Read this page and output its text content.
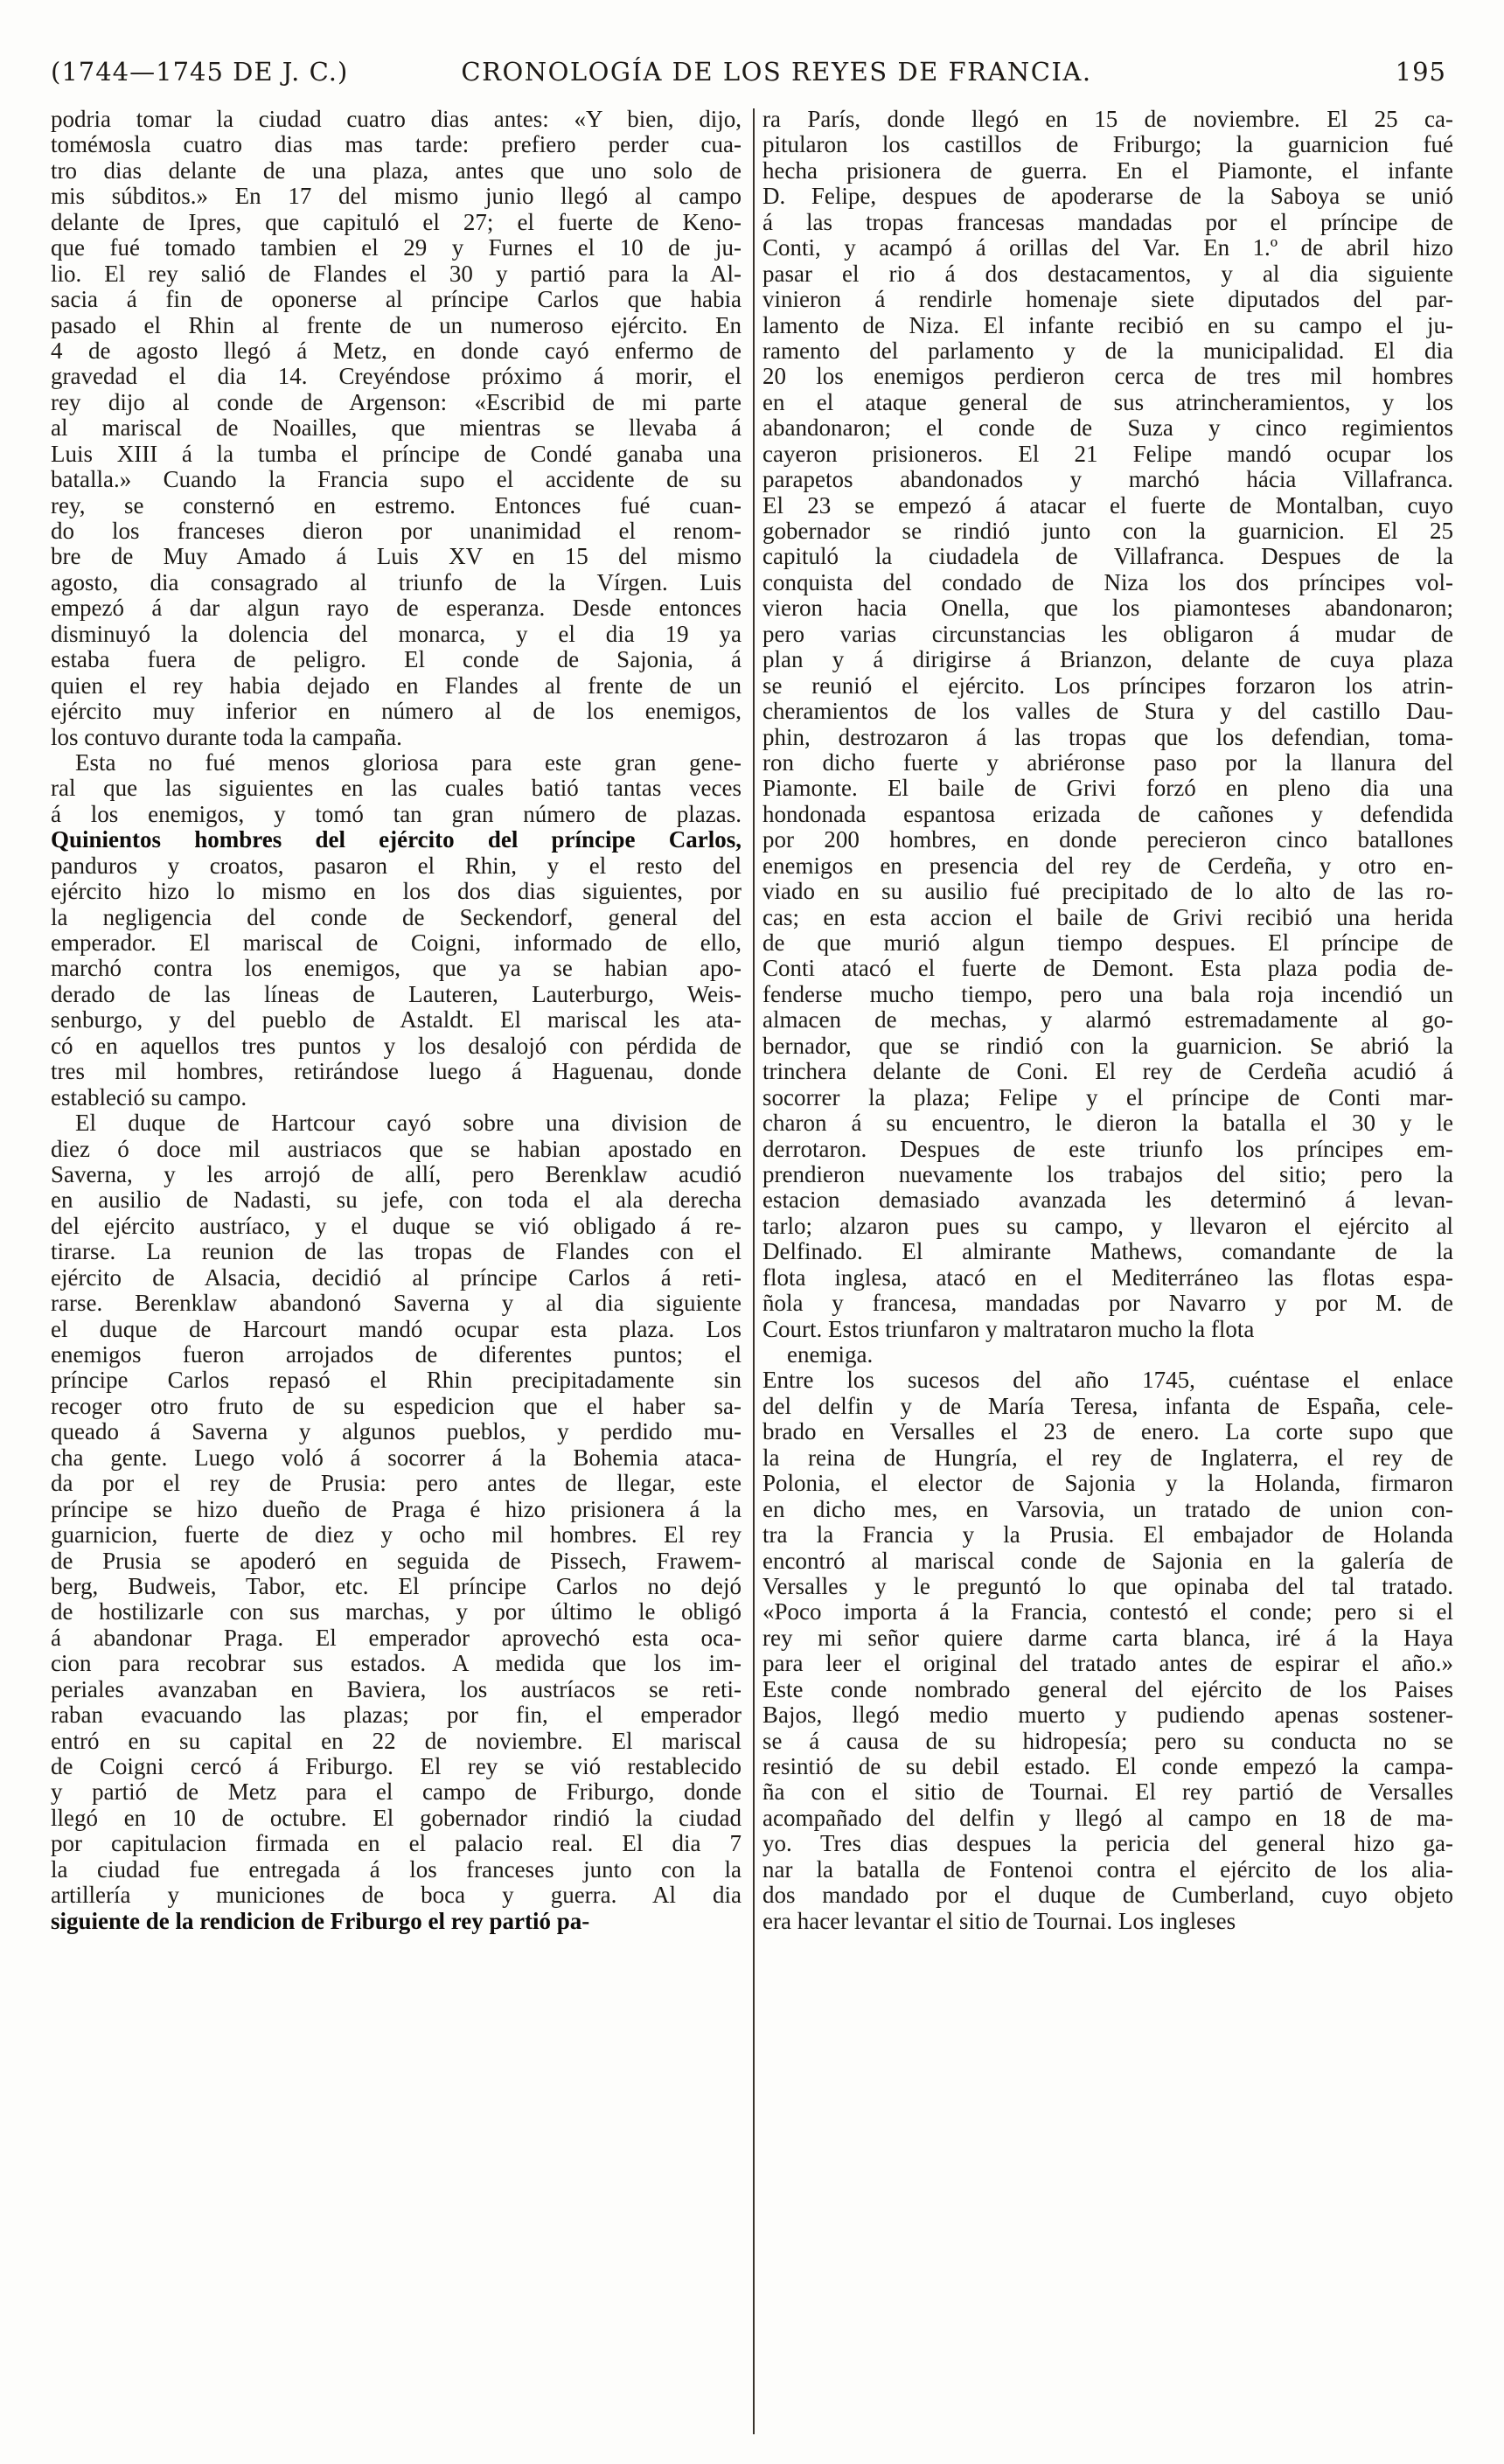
(1744—1745 DE J. C.)	CRONOLOGÍA DE LOS REYES DE FRANCIA.	195
podria tomar la ciudad cuatro dias antes: «Y bien, dijo,
toméмosla cuatro dias mas tarde: prefiero perder cua-
tro dias delante de una plaza, antes que uno solo de
mis súbditos.» En 17 del mismo junio llegó al campo
delante de Ipres, que capituló el 27; el fuerte de Keno-
que fué tomado tambien el 29 y Furnes el 10 de ju-
lio. El rey salió de Flandes el 30 y partió para la Al-
sacia á fin de oponerse al príncipe Carlos que habia
pasado el Rhin al frente de un numeroso ejército. En
4 de agosto llegó á Metz, en donde cayó enfermo de
gravedad el dia 14. Creyéndose próximo á morir, el
rey dijo al conde de Argenson: «Escribid de mi parte
al mariscal de Noailles, que mientras se llevaba á
Luis XIII á la tumba el príncipe de Condé ganaba una
batalla.» Cuando la Francia supo el accidente de su
rey, se consternó en estremo. Entonces fué cuan-
do los franceses dieron por unanimidad el renom-
bre de Muy Amado á Luis XV en 15 del mismo
agosto, dia consagrado al triunfo de la Vírgen. Luis
empezó á dar algun rayo de esperanza. Desde entonces
disminuyó la dolencia del monarca, y el dia 19 ya
estaba fuera de peligro. El conde de Sajonia, á
quien el rey habia dejado en Flandes al frente de un
ejército muy inferior en número al de los enemigos,
los contuvo durante toda la campaña.
Esta no fué menos gloriosa para este gran gene-
ral que las siguientes en las cuales batió tantas veces
á los enemigos, y tomó tan gran número de plazas.
Quinientos hombres del ejército del príncipe Carlos,
panduros y croatos, pasaron el Rhin, y el resto del
ejército hizo lo mismo en los dos dias siguientes, por
la negligencia del conde de Seckendorf, general del
emperador. El mariscal de Coigni, informado de ello,
marchó contra los enemigos, que ya se habian apo-
derado de las líneas de Lauteren, Lauterburgo, Weis-
senburgo, y del pueblo de Astaldt. El mariscal les ata-
có en aquellos tres puntos y los desalojó con pérdida de
tres mil hombres, retirándose luego á Haguenau, donde
estableció su campo.
El duque de Hartcour cayó sobre una division de
diez ó doce mil austriacos que se habian apostado en
Saverna, y les arrojó de allí, pero Berenklaw acudió
en ausilio de Nadasti, su jefe, con toda el ala derecha
del ejército austríaco, y el duque se vió obligado á re-
tirarse. La reunion de las tropas de Flandes con el
ejército de Alsacia, decidió al príncipe Carlos á reti-
rarse. Berenklaw abandonó Saverna y al dia siguiente
el duque de Harcourt mandó ocupar esta plaza. Los
enemigos fueron arrojados de diferentes puntos; el
príncipe Carlos repasó el Rhin precipitadamente sin
recoger otro fruto de su espedicion que el haber sa-
queado á Saverna y algunos pueblos, y perdido mu-
cha gente. Luego voló á socorrer á la Bohemia ataca-
da por el rey de Prusia: pero antes de llegar, este
príncipe se hizo dueño de Praga é hizo prisionera á la
guarnicion, fuerte de diez y ocho mil hombres. El rey
de Prusia se apoderó en seguida de Pissech, Frawem-
berg, Budweis, Tabor, etc. El príncipe Carlos no dejó
de hostilizarle con sus marchas, y por último le obligó
á abandonar Praga. El emperador aprovechó esta oca-
cion para recobrar sus estados. A medida que los im-
periales avanzaban en Baviera, los austríacos se reti-
raban evacuando las plazas; por fin, el emperador
entró en su capital en 22 de noviembre. El mariscal
de Coigni cercó á Friburgo. El rey se vió restablecido
y partió de Metz para el campo de Friburgo, donde
llegó en 10 de octubre. El gobernador rindió la ciudad
por capitulacion firmada en el palacio real. El dia 7
la ciudad fue entregada á los franceses junto con la
artillería y municiones de boca y guerra. Al dia
siguiente de la rendicion de Friburgo el rey partió pa-
ra París, donde llegó en 15 de noviembre. El 25 ca-
pitularon los castillos de Friburgo; la guarnicion fué
hecha prisionera de guerra. En el Piamonte, el infante
D. Felipe, despues de apoderarse de la Saboya se unió
á las tropas francesas mandadas por el príncipe de
Conti, y acampó á orillas del Var. En 1.º de abril hizo
pasar el rio á dos destacamentos, y al dia siguiente
vinieron á rendirle homenaje siete diputados del par-
lamento de Niza. El infante recibió en su campo el ju-
ramento del parlamento y de la municipalidad. El dia
20 los enemigos perdieron cerca de tres mil hombres
en el ataque general de sus atrincheramientos, y los
abandonaron; el conde de Suza y cinco regimientos
cayeron prisioneros. El 21 Felipe mandó ocupar los
parapetos abandonados y marchó hácia Villafranca.
El 23 se empezó á atacar el fuerte de Montalban, cuyo
gobernador se rindió junto con la guarnicion. El 25
capituló la ciudadela de Villafranca. Despues de la
conquista del condado de Niza los dos príncipes vol-
vieron hacia Onella, que los piamonteses abandonaron;
pero varias circunstancias les obligaron á mudar de
plan y á dirigirse á Brianzon, delante de cuya plaza
se reunió el ejército. Los príncipes forzaron los atrin-
cheramientos de los valles de Stura y del castillo Dau-
phin, destrozaron á las tropas que los defendian, toma-
ron dicho fuerte y abriéronse paso por la llanura del
Piamonte. El baile de Grivi forzó en pleno dia una
hondonada espantosa erizada de cañones y defendida
por 200 hombres, en donde perecieron cinco batallones
enemigos en presencia del rey de Cerdeña, y otro en-
viado en su ausilio fué precipitado de lo alto de las ro-
cas; en esta accion el baile de Grivi recibió una herida
de que murió algun tiempo despues. El príncipe de
Conti atacó el fuerte de Demont. Esta plaza podia de-
fenderse mucho tiempo, pero una bala roja incendió un
almacen de mechas, y alarmó estremadamente al go-
bernador, que se rindió con la guarnicion. Se abrió la
trinchera delante de Coni. El rey de Cerdeña acudió á
socorrer la plaza; Felipe y el príncipe de Conti mar-
charon á su encuentro, le dieron la batalla el 30 y le
derrotaron. Despues de este triunfo los príncipes em-
prendieron nuevamente los trabajos del sitio; pero la
estacion demasiado avanzada les determinó á levan-
tarlo; alzaron pues su campo, y llevaron el ejército al
Delfinado. El almirante Mathews, comandante de la
flota inglesa, atacó en el Mediterráneo las flotas espa-
ñola y francesa, mandadas por Navarro y por M. de
Court. Estos triunfaron y maltrataron mucho la flota
enemiga.
Entre los sucesos del año 1745, cuéntase el enlace
del delfin y de María Teresa, infanta de España, cele-
brado en Versalles el 23 de enero. La corte supo que
la reina de Hungría, el rey de Inglaterra, el rey de
Polonia, el elector de Sajonia y la Holanda, firmaron
en dicho mes, en Varsovia, un tratado de union con-
tra la Francia y la Prusia. El embajador de Holanda
encontró al mariscal conde de Sajonia en la galería de
Versalles y le preguntó lo que opinaba del tal tratado.
«Poco importa á la Francia, contestó el conde; pero si el
rey mi señor quiere darme carta blanca, iré á la Haya
para leer el original del tratado antes de espirar el año.»
Este conde nombrado general del ejército de los Paises
Bajos, llegó medio muerto y pudiendo apenas sostener-
se á causa de su hidropesía; pero su conducta no se
resintió de su debil estado. El conde empezó la campa-
ña con el sitio de Tournai. El rey partió de Versalles
acompañado del delfin y llegó al campo en 18 de ma-
yo. Tres dias despues la pericia del general hizo ga-
nar la batalla de Fontenoi contra el ejército de los alia-
dos mandado por el duque de Cumberland, cuyo objeto
era hacer levantar el sitio de Tournai. Los ingleses
